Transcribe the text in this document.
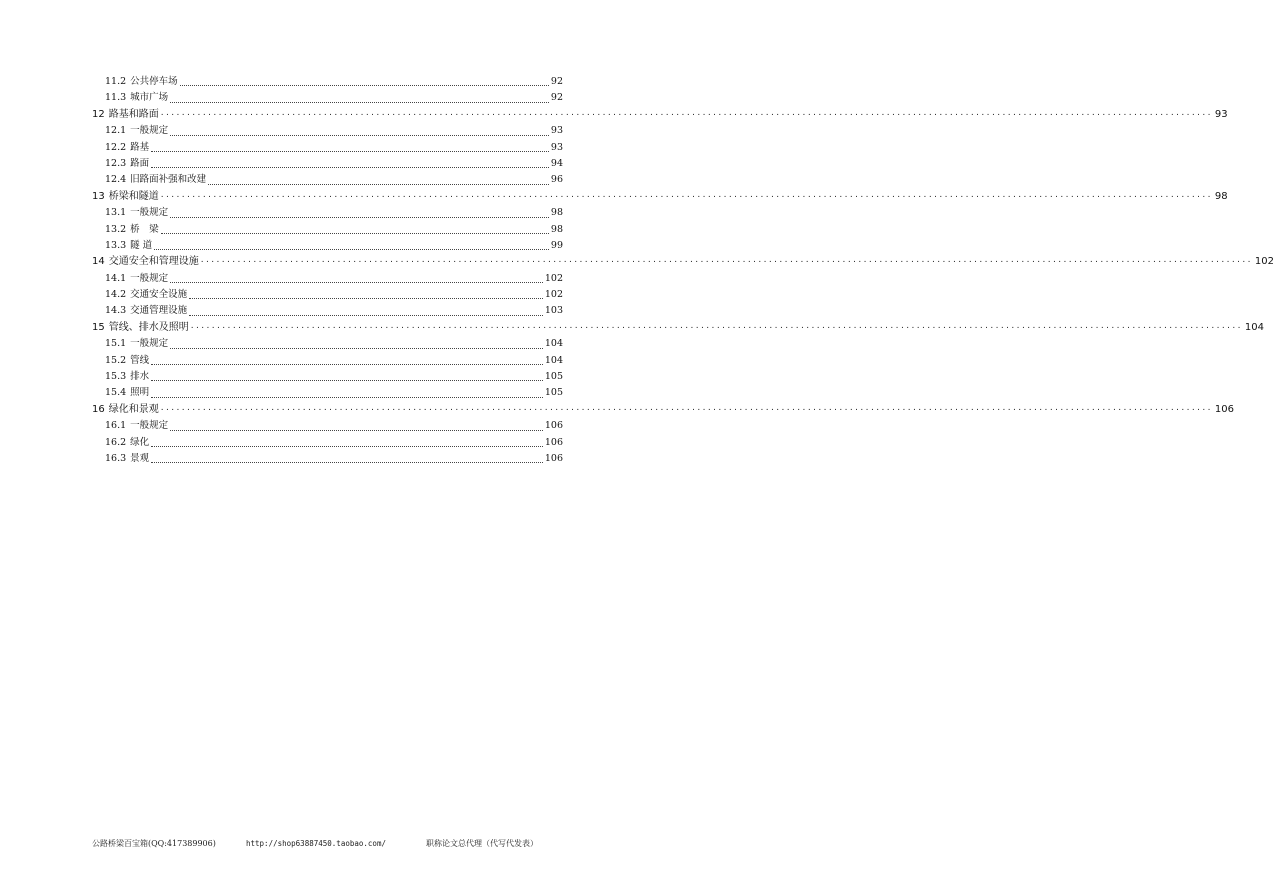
11.2 公共停车场	92
11.3 城市广场	92
12 路基和路面 ........................................................................................................................................................................................................ 93
12.1 一般规定	93
12.2 路基	93
12.3 路面	94
12.4 旧路面补强和改建	96
13 桥梁和隧道 ........................................................................................................................................................................................................ 98
13.1 一般规定	98
13.2 桥　梁	98
13.3 隧 道	99
14 交通安全和管理设施 ........................................................................................................................................................................................................ 102
14.1 一般规定	102
14.2 交通安全设施	102
14.3 交通管理设施	103
15 管线、排水及照明 ........................................................................................................................................................................................................ 104
15.1 一般规定	104
15.2 管线	104
15.3 排水	105
15.4 照明	105
16 绿化和景观 ........................................................................................................................................................................................................ 106
16.1 一般规定	106
16.2 绿化	106
16.3 景观	106
公路桥梁百宝箱(QQ:417389906)	http://shop63887450.taobao.com/	职称论文总代理（代写代发表）
